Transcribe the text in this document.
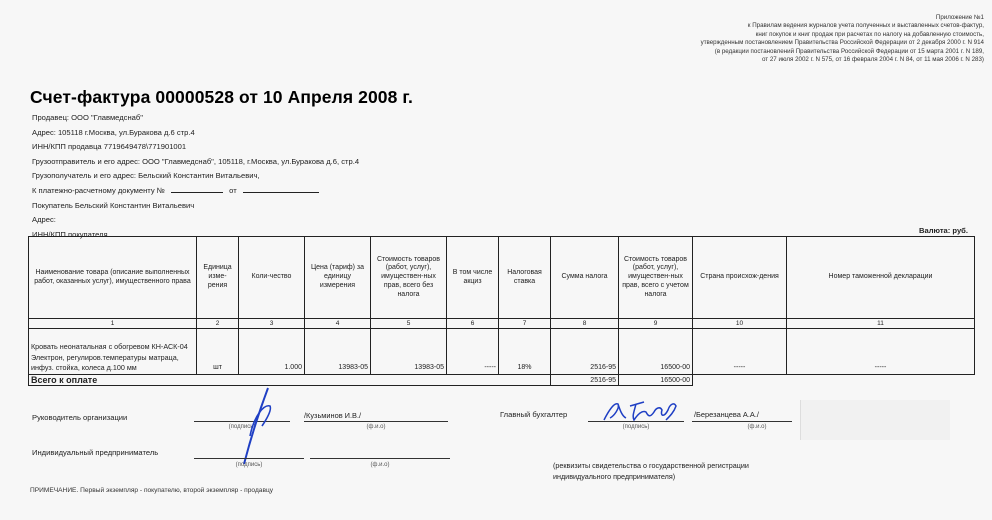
Приложение №1
к Правилам ведения журналов учета полученных и выставленных счетов-фактур,
книг покупок и книг продаж при расчетах по налогу на добавленную стоимость,
утвержденным постановлением Правительства Российской Федерации от 2 декабря 2000 г. N 914
(в редакции постановлений Правительства Российской Федерации от 15 марта 2001 г. N 189,
от 27 июля 2002 г. N 575, от 16 февраля 2004 г. N 84, от 11 мая 2006 г. N 283)
Счет-фактура 00000528 от 10 Апреля 2008 г.
Продавец: ООО "Главмедснаб"
Адрес: 105118 г.Москва, ул.Буракова д.6 стр.4
ИНН/КПП продавца 7719649478\771901001
Грузоотправитель и его адрес: ООО "Главмедснаб", 105118, г.Москва, ул.Буракова д.6, стр.4
Грузополучатель и его адрес: Бельский Константин Витальевич,
К платежно-расчетному документу №	от
Покупатель Бельский Константин Витальевич
Адрес:
ИНН/КПП покупателя	Валюта: руб.
Наименование товара (описание выполненных работ, оказанных услуг), имущественного права	Единица изме-рения	Коли-чество	Цена (тариф) за единицу измерения	Стоимость товаров (работ, услуг), имуществен-ных прав, всего без налога	В том числе акциз	Налоговая ставка	Сумма налога	Стоимость товаров (работ, услуг), имуществен-ных прав, всего с учетом налога	Страна происхож-дения	Номер таможенной декларации
1	2	3	4	5	6	7	8	9	10	11
Кровать неонатальная с обогревом КН-АСК-04 Электрон, регулиров.температуры матраца, инфуз. стойка, колеса д.100 мм	шт	1.000	13983-05	13983-05	-----	18%	2516-95	16500-00	-----	-----
Всего к оплате							2516-95	16500-00		
Руководитель организации
(подпись)
/Кузьминов И.В./
(ф.и.о)
Главный бухгалтер
(подпись)
/Березанцева А.А./
(ф.и.о)
Индивидуальный предприниматель
(подпись)	(ф.и.о)	(реквизиты свидетельства о государственной регистрации индивидуального предпринимателя)
ПРИМЕЧАНИЕ. Первый экземпляр - покупателю, второй экземпляр - продавцу
